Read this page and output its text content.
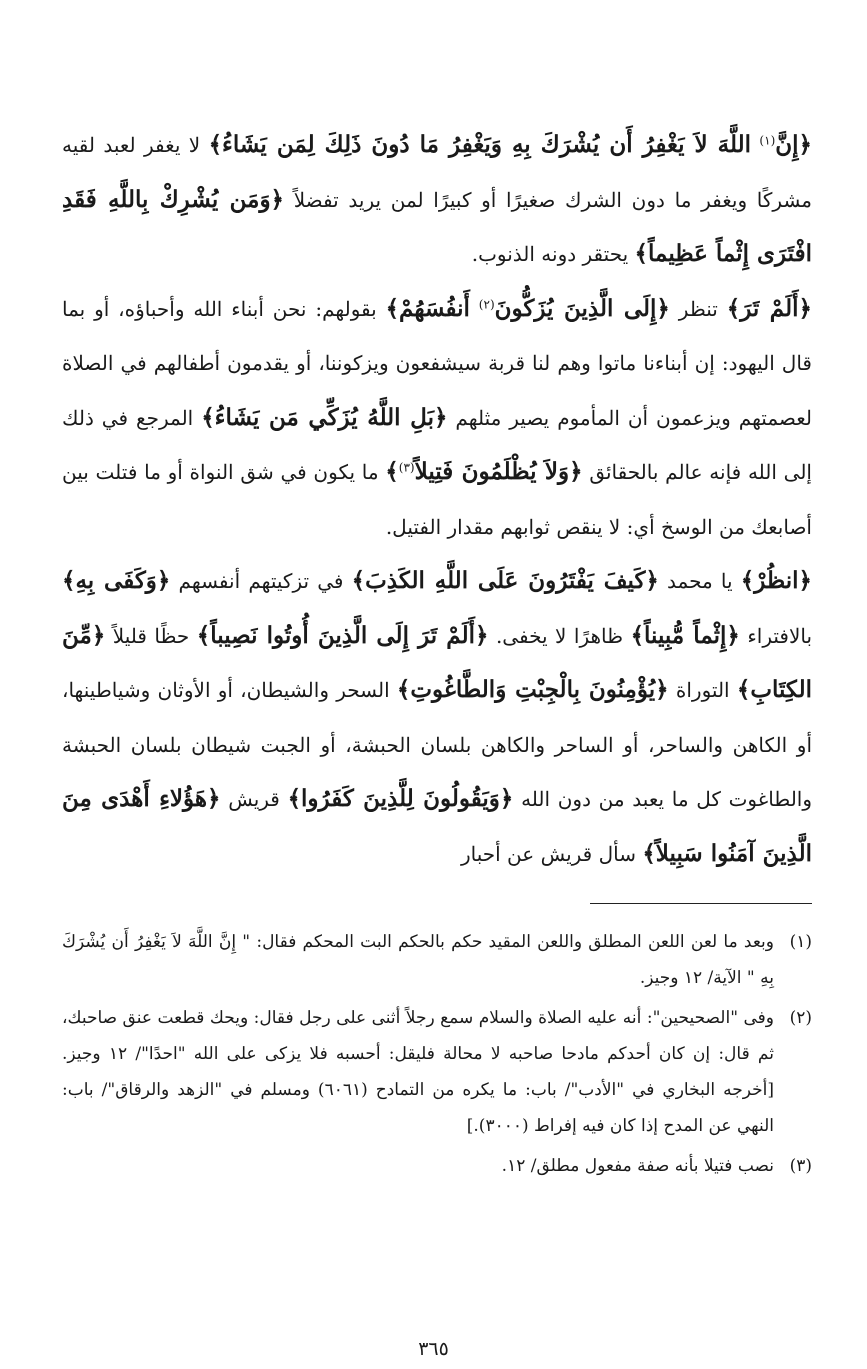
﴿إِنَّ$^{(١)}$ اللَّهَ لاَ يَغْفِرُ أَن يُشْرَكَ بِهِ وَيَغْفِرُ مَا دُونَ ذَلِكَ لِمَن يَشَاءُ﴾ لا يغفر لعبد لقيه مشركًا ويغفر ما دون الشرك صغيرًا أو كبيرًا لمن يريد تفضلاً ﴿وَمَن يُشْرِكْ بِاللَّهِ فَقَدِ افْتَرَى إِثْماً عَظِيماً﴾ يحتقر دونه الذنوب.

﴿أَلَمْ تَرَ﴾ تنظر ﴿إِلَى الَّذِينَ يُزَكُّونَ$^{(٢)}$ أَنفُسَهُمْ﴾ بقولهم: نحن أبناء الله وأحباؤه، أو بما قال اليهود: إن أبناءنا ماتوا وهم لنا قربة سيشفعون ويزكوننا، أو يقدمون أطفالهم في الصلاة لعصمتهم ويزعمون أن المأموم يصير مثلهم ﴿بَلِ اللَّهُ يُزَكِّي مَن يَشَاءُ﴾ المرجع في ذلك إلى الله فإنه عالم بالحقائق ﴿وَلاَ يُظْلَمُونَ فَتِيلاً$^{(٣)}$﴾ ما يكون في شق النواة أو ما فتلت بين أصابعك من الوسخ أي: لا ينقص ثوابهم مقدار الفتيل.

﴿انظُرْ﴾ يا محمد ﴿كَيفَ يَفْتَرُونَ عَلَى اللَّهِ الكَذِبَ﴾ في تزكيتهم أنفسهم ﴿وَكَفَى بِهِ﴾ بالافتراء ﴿إِثْماً مُّبِيناً﴾ ظاهرًا لا يخفى. ﴿أَلَمْ تَرَ إِلَى الَّذِينَ أُوتُوا نَصِيباً﴾ حظًا قليلاً ﴿مِّنَ الكِتَابِ﴾ التوراة ﴿يُؤْمِنُونَ بِالْجِبْتِ وَالطَّاغُوتِ﴾ السحر والشيطان، أو الأوثان وشياطينها، أو الكاهن والساحر، أو الساحر والكاهن بلسان الحبشة، أو الجبت شيطان بلسان الحبشة والطاغوت كل ما يعبد من دون الله ﴿وَيَقُولُونَ لِلَّذِينَ كَفَرُوا﴾ قريش ﴿هَؤُلاءِ أَهْدَى مِنَ الَّذِينَ آمَنُوا سَبِيلاً﴾ سأل قريش عن أحبار

(١)
وبعد ما لعن اللعن المطلق واللعن المقيد حكم بالحكم البت المحكم فقال: " إِنَّ اللَّهَ لاَ يَغْفِرُ أَن يُشْرَكَ بِهِ " الآية/ ١٢ وجيز.
(٢)
وفى "الصحيحين": أنه عليه الصلاة والسلام سمع رجلاً أثنى على رجل فقال: ويحك قطعت عنق صاحبك، ثم قال: إن كان أحدكم مادحا صاحبه لا محالة فليقل: أحسبه فلا يزكى على الله "احدًا"/ ١٢ وجيز.[أخرجه البخاري في "الأدب"/ باب: ما يكره من التمادح (٦٠٦١) ومسلم في "الزهد والرقاق"/ باب: النهي عن المدح إذا كان فيه إفراط (٣٠٠٠).]
(٣)
نصب فتيلا بأنه صفة مفعول مطلق/ ١٢.
٣٦٥
